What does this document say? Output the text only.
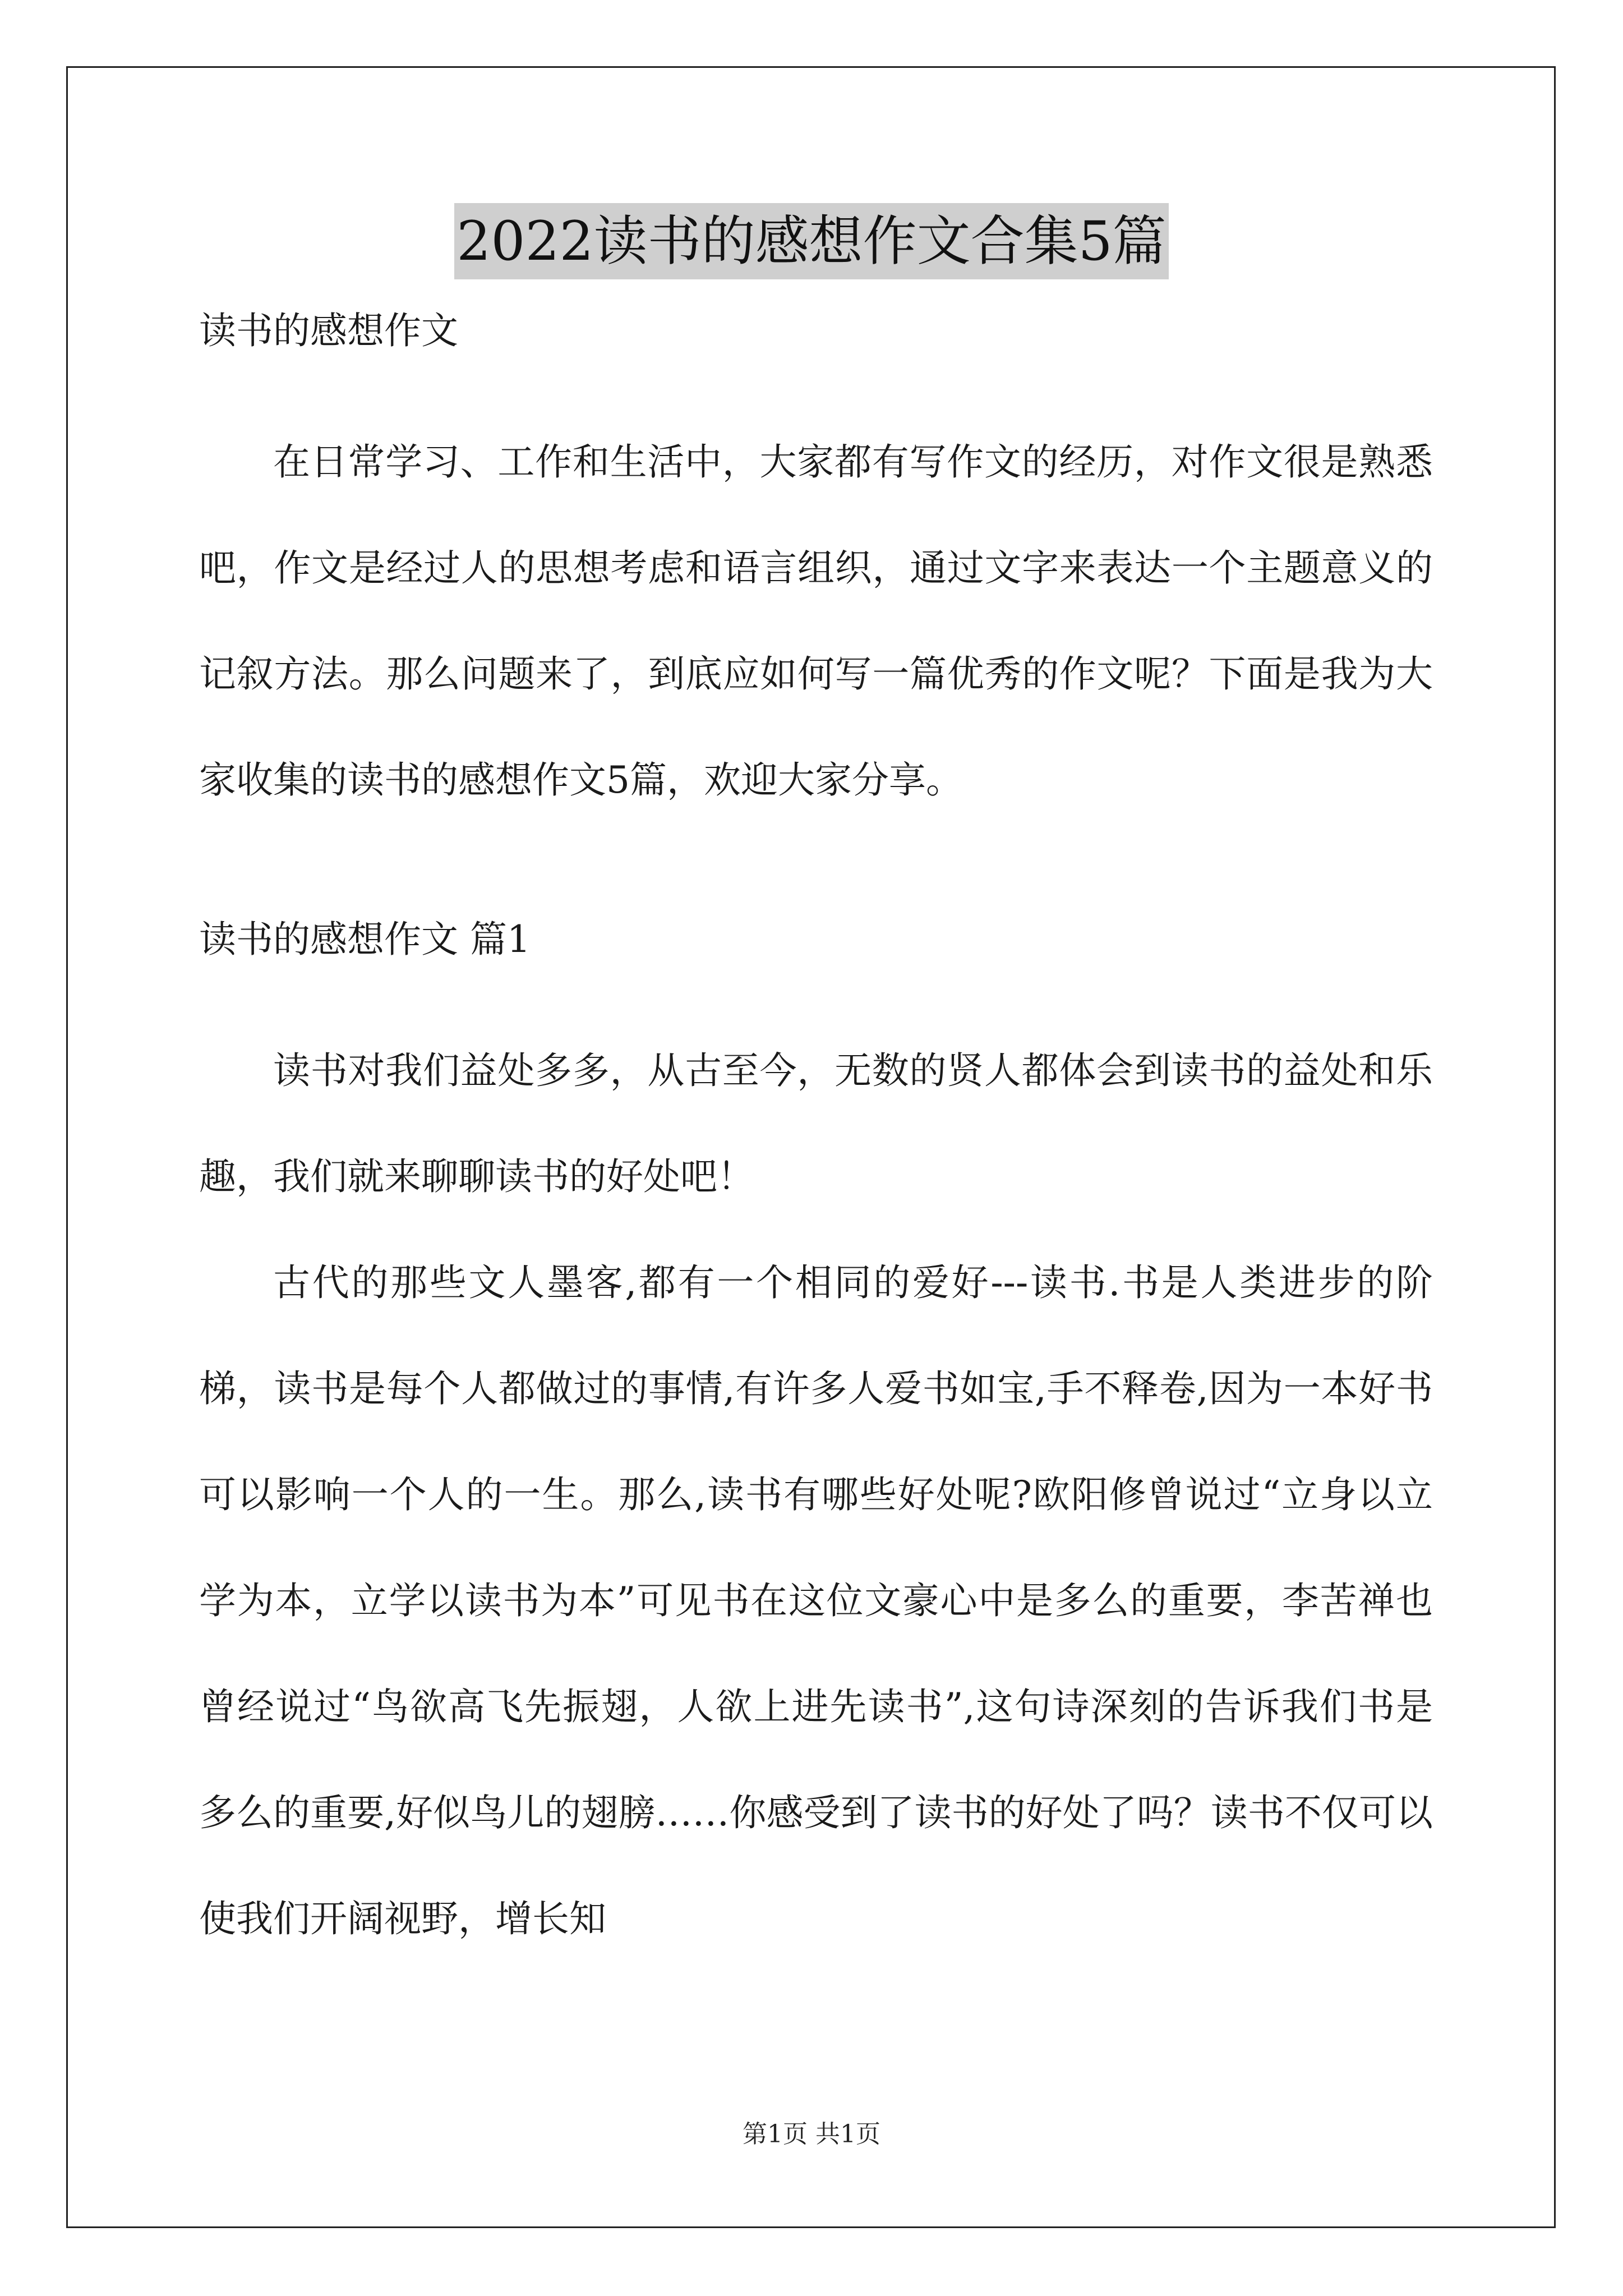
2022读书的感想作文合集5篇

读书的感想作文

在日常学习、工作和生活中，大家都有写作文的经历，对作文很是熟悉吧，作文是经过人的思想考虑和语言组织，通过文字来表达一个主题意义的记叙方法。那么问题来了，到底应如何写一篇优秀的作文呢？下面是我为大家收集的读书的感想作文5篇，欢迎大家分享。

读书的感想作文 篇1

读书对我们益处多多，从古至今，无数的贤人都体会到读书的益处和乐趣，我们就来聊聊读书的好处吧！

古代的那些文人墨客,都有一个相同的爱好---读书.书是人类进步的阶梯，读书是每个人都做过的事情,有许多人爱书如宝,手不释卷,因为一本好书可以影响一个人的一生。那么,读书有哪些好处呢?欧阳修曾说过“立身以立学为本，立学以读书为本”可见书在这位文豪心中是多么的重要，李苦禅也曾经说过“鸟欲高飞先振翅，人欲上进先读书”,这句诗深刻的告诉我们书是多么的重要,好似鸟儿的翅膀……你感受到了读书的好处了吗？读书不仅可以使我们开阔视野，增长知

第1页 共1页
